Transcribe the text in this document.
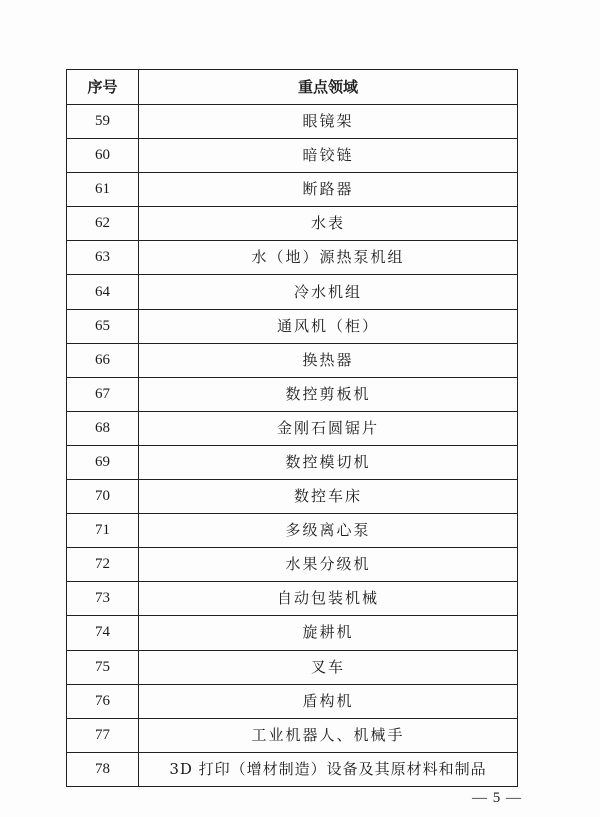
序号	重点领域
59	眼镜架
60	暗铰链
61	断路器
62	水表
63	水（地）源热泵机组
64	冷水机组
65	通风机（柜）
66	换热器
67	数控剪板机
68	金刚石圆锯片
69	数控模切机
70	数控车床
71	多级离心泵
72	水果分级机
73	自动包装机械
74	旋耕机
75	叉车
76	盾构机
77	工业机器人、机械手
78	3D 打印（增材制造）设备及其原材料和制品
— 5 —
